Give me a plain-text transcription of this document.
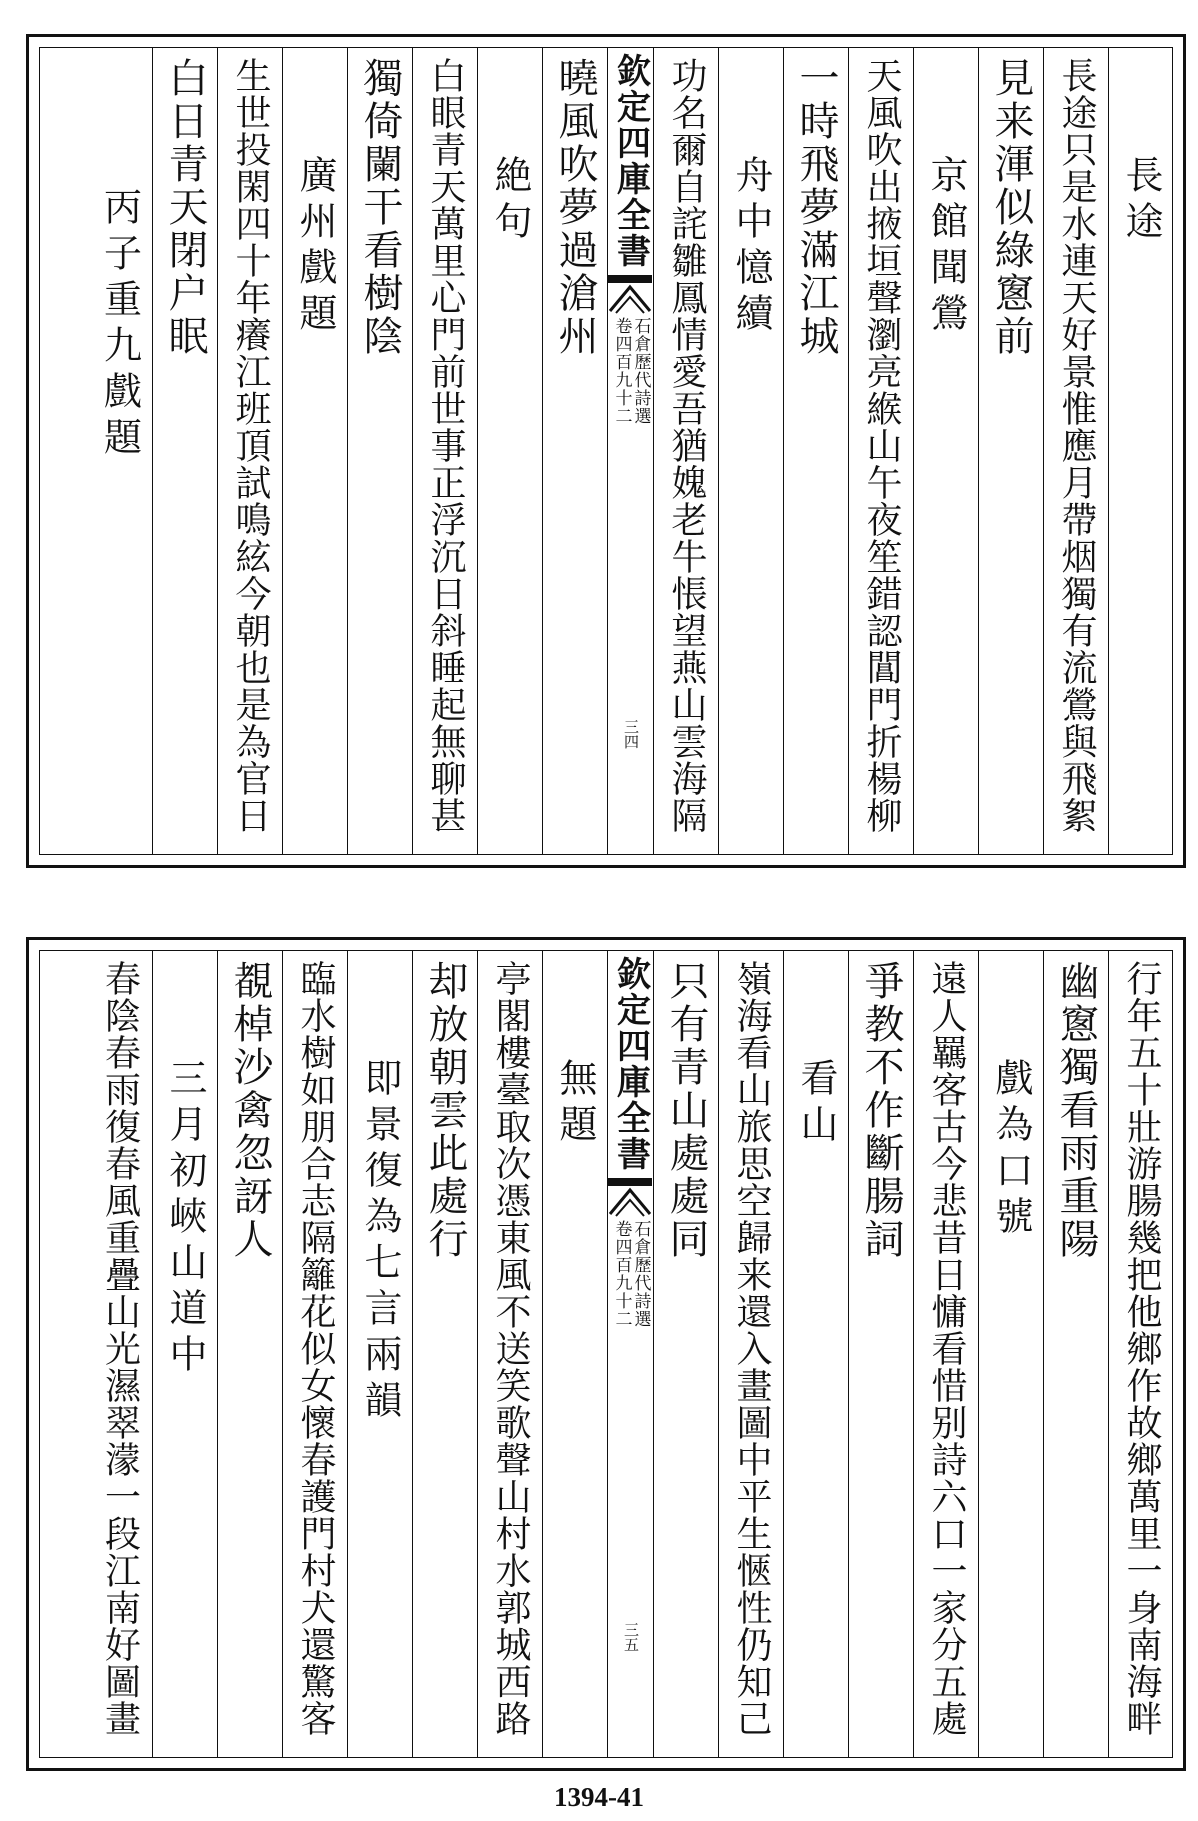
長途
長途只是水連天好景惟應月帶烟獨有流鶯與飛絮
見来渾似綠窻前
京館聞鶯
天風吹出掖垣聲瀏亮緱山午夜笙錯認閶門折楊柳
一時飛夢滿江城
舟中憶續
功名爾自詫雛鳳情愛吾猶媿老牛悵望燕山雲海隔
欽定四庫全書
石倉歷代詩選
卷四百九十二
三四
曉風吹夢過滄州
絶句
白眼青天萬里心門前世事正浮沉日斜睡起無聊甚
獨倚闌干看樹陰
廣州戲題
生世投閑四十年癢江班頂試鳴絃今朝也是為官日
白日青天閉户眠
丙子重九戲題
行年五十壯游腸幾把他鄉作故鄉萬里一身南海畔
幽窻獨看雨重陽
戲為口號
遠人羈客古今悲昔日慵看惜别詩六口一家分五處
爭教不作斷腸詞
看山
嶺海看山旅思空歸来還入畫圖中平生愜性仍知己
只有青山處處同
欽定四庫全書
石倉歷代詩選
卷四百九十二
三五
無題
亭閣樓臺取次憑東風不送笑歌聲山村水郭城西路
却放朝雲此處行
即景復為七言兩韻
臨水樹如朋合志隔籬花似女懷春護門村犬還驚客
覩棹沙禽忽訝人
三月初峽山道中
春陰春雨復春風重疊山光濕翠濛一段江南好圖畫
1394-41
